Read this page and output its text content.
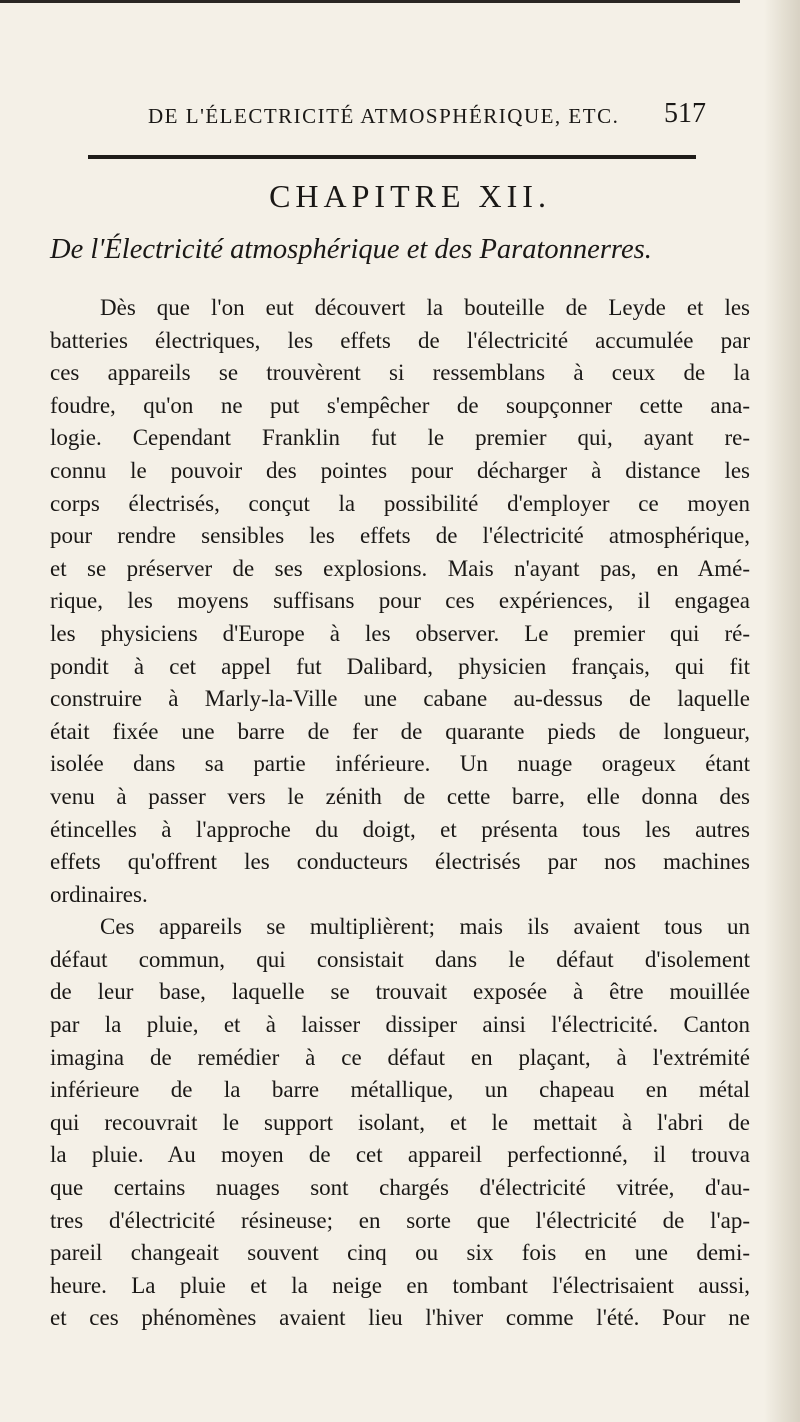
DE L'ÉLECTRICITÉ ATMOSPHÉRIQUE, ETC.	517
CHAPITRE XII.
De l'Électricité atmosphérique et des Paratonnerres.
Dès que l'on eut découvert la bouteille de Leyde et les
batteries électriques, les effets de l'électricité accumulée par
ces appareils se trouvèrent si ressemblans à ceux de la
foudre, qu'on ne put s'empêcher de soupçonner cette ana-
logie. Cependant Franklin fut le premier qui, ayant re-
connu le pouvoir des pointes pour décharger à distance les
corps électrisés, conçut la possibilité d'employer ce moyen
pour rendre sensibles les effets de l'électricité atmosphérique,
et se préserver de ses explosions. Mais n'ayant pas, en Amé-
rique, les moyens suffisans pour ces expériences, il engagea
les physiciens d'Europe à les observer. Le premier qui ré-
pondit à cet appel fut Dalibard, physicien français, qui fit
construire à Marly-la-Ville une cabane au-dessus de laquelle
était fixée une barre de fer de quarante pieds de longueur,
isolée dans sa partie inférieure. Un nuage orageux étant
venu à passer vers le zénith de cette barre, elle donna des
étincelles à l'approche du doigt, et présenta tous les autres
effets qu'offrent les conducteurs électrisés par nos machines
ordinaires.
Ces appareils se multiplièrent; mais ils avaient tous un
défaut commun, qui consistait dans le défaut d'isolement
de leur base, laquelle se trouvait exposée à être mouillée
par la pluie, et à laisser dissiper ainsi l'électricité. Canton
imagina de remédier à ce défaut en plaçant, à l'extrémité
inférieure de la barre métallique, un chapeau en métal
qui recouvrait le support isolant, et le mettait à l'abri de
la pluie. Au moyen de cet appareil perfectionné, il trouva
que certains nuages sont chargés d'électricité vitrée, d'au-
tres d'électricité résineuse; en sorte que l'électricité de l'ap-
pareil changeait souvent cinq ou six fois en une demi-
heure. La pluie et la neige en tombant l'électrisaient aussi,
et ces phénomènes avaient lieu l'hiver comme l'été. Pour ne
